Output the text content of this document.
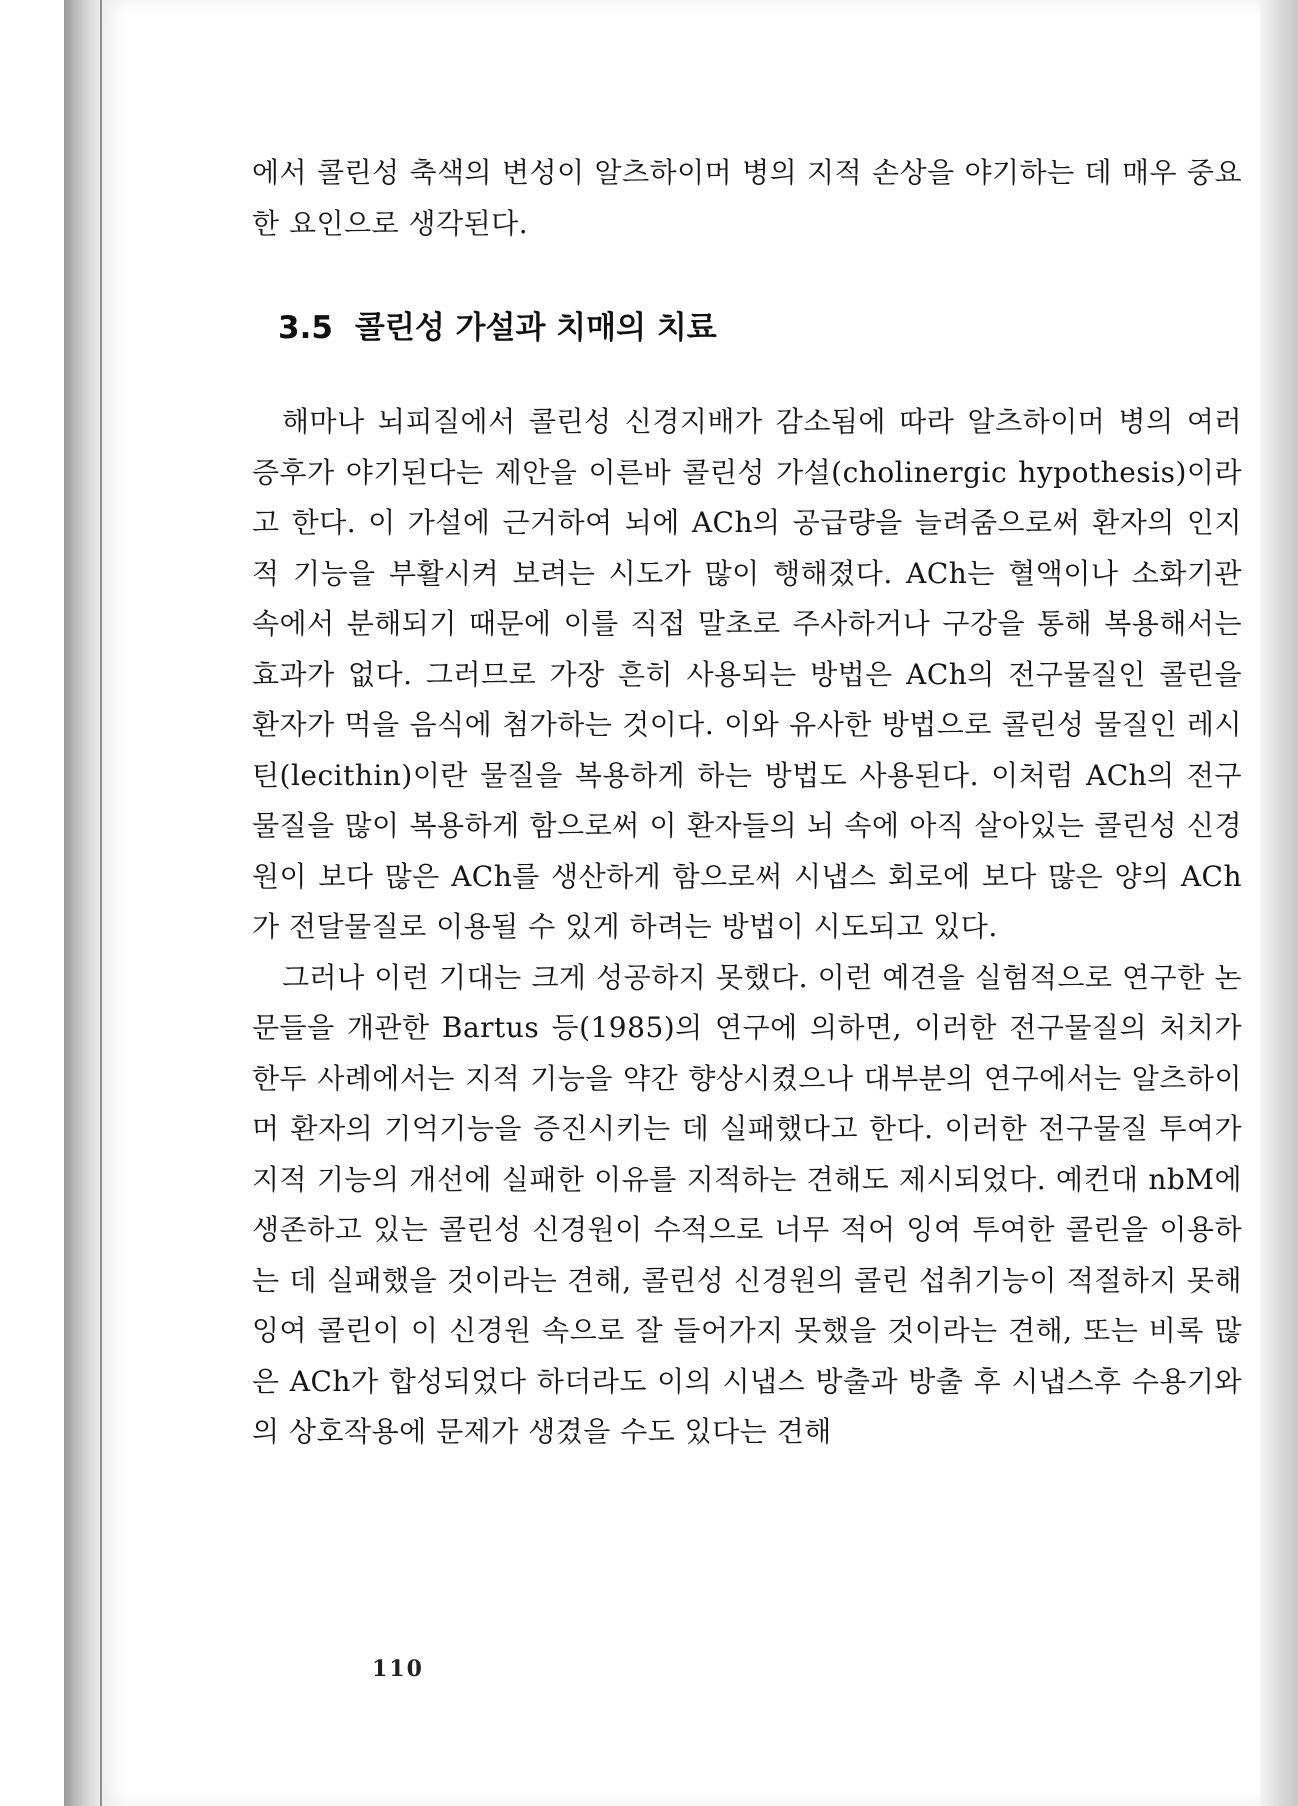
에서 콜린성 축색의 변성이 알츠하이머 병의 지적 손상을 야기하는 데 매우 중요한 요인으로 생각된다.

3.5 콜린성 가설과 치매의 치료

해마나 뇌피질에서 콜린성 신경지배가 감소됨에 따라 알츠하이머 병의 여러 증후가 야기된다는 제안을 이른바 콜린성 가설(cholinergic hypothesis)이라고 한다. 이 가설에 근거하여 뇌에 ACh의 공급량을 늘려줌으로써 환자의 인지적 기능을 부활시켜 보려는 시도가 많이 행해졌다. ACh는 혈액이나 소화기관 속에서 분해되기 때문에 이를 직접 말초로 주사하거나 구강을 통해 복용해서는 효과가 없다. 그러므로 가장 흔히 사용되는 방법은 ACh의 전구물질인 콜린을 환자가 먹을 음식에 첨가하는 것이다. 이와 유사한 방법으로 콜린성 물질인 레시틴(lecithin)이란 물질을 복용하게 하는 방법도 사용된다. 이처럼 ACh의 전구물질을 많이 복용하게 함으로써 이 환자들의 뇌 속에 아직 살아있는 콜린성 신경원이 보다 많은 ACh를 생산하게 함으로써 시냅스 회로에 보다 많은 양의 ACh가 전달물질로 이용될 수 있게 하려는 방법이 시도되고 있다.

그러나 이런 기대는 크게 성공하지 못했다. 이런 예견을 실험적으로 연구한 논문들을 개관한 Bartus 등(1985)의 연구에 의하면, 이러한 전구물질의 처치가 한두 사례에서는 지적 기능을 약간 향상시켰으나 대부분의 연구에서는 알츠하이머 환자의 기억기능을 증진시키는 데 실패했다고 한다. 이러한 전구물질 투여가 지적 기능의 개선에 실패한 이유를 지적하는 견해도 제시되었다. 예컨대 nbM에 생존하고 있는 콜린성 신경원이 수적으로 너무 적어 잉여 투여한 콜린을 이용하는 데 실패했을 것이라는 견해, 콜린성 신경원의 콜린 섭취기능이 적절하지 못해 잉여 콜린이 이 신경원 속으로 잘 들어가지 못했을 것이라는 견해, 또는 비록 많은 ACh가 합성되었다 하더라도 이의 시냅스 방출과 방출 후 시냅스후 수용기와의 상호작용에 문제가 생겼을 수도 있다는 견해

110
